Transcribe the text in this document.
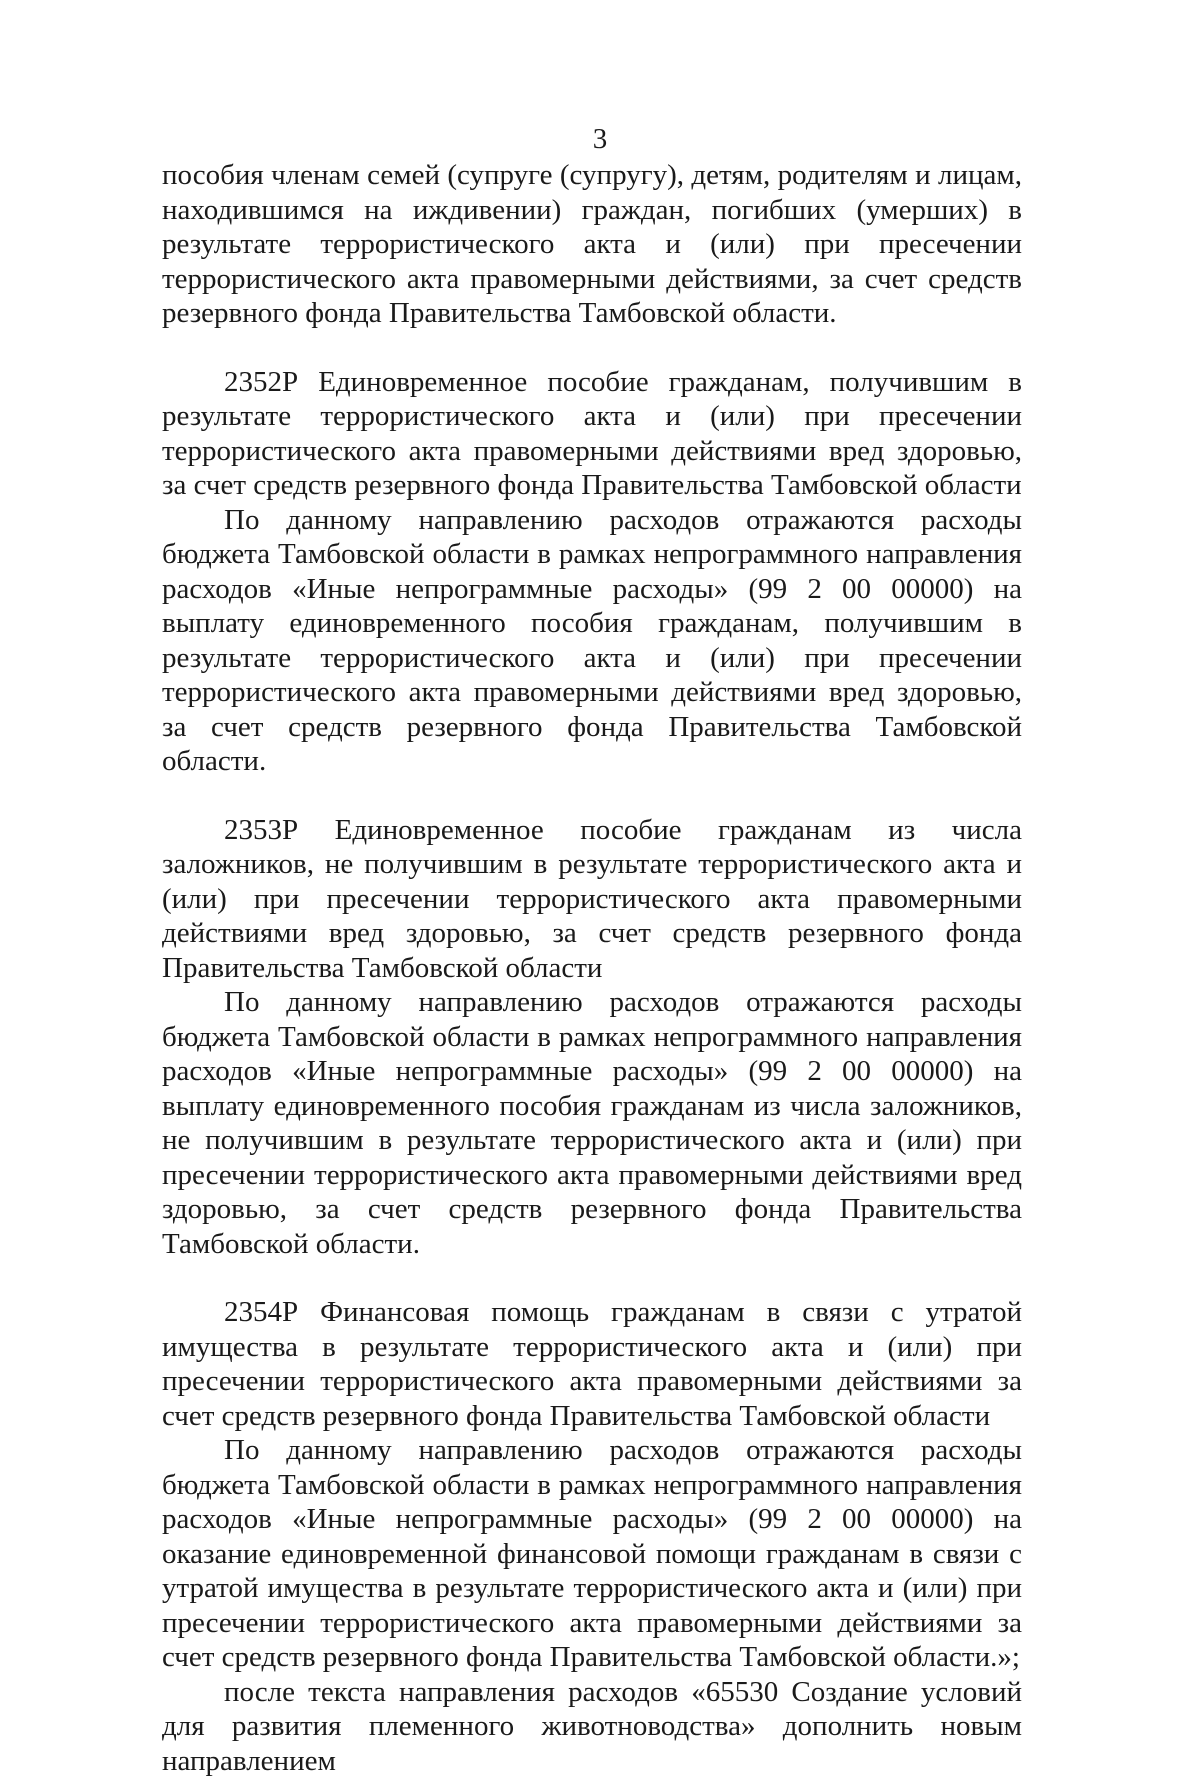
3

пособия членам семей (супруге (супругу), детям, родителям и лицам, находившимся на иждивении) граждан, погибших (умерших) в результате террористического акта и (или) при пресечении террористического акта правомерными действиями, за счет средств резервного фонда Правительства Тамбовской области.

2352Р Единовременное пособие гражданам, получившим в результате террористического акта и (или) при пресечении террористического акта правомерными действиями вред здоровью, за счет средств резервного фонда Правительства Тамбовской области

По данному направлению расходов отражаются расходы бюджета Тамбовской области в рамках непрограммного направления расходов «Иные непрограммные расходы» (99 2 00 00000) на выплату единовременного пособия гражданам, получившим в результате террористического акта и (или) при пресечении террористического акта правомерными действиями вред здоровью, за счет средств резервного фонда Правительства Тамбовской области.

2353Р Единовременное пособие гражданам из числа заложников, не получившим в результате террористического акта и (или) при пресечении террористического акта правомерными действиями вред здоровью, за счет средств резервного фонда Правительства Тамбовской области

По данному направлению расходов отражаются расходы бюджета Тамбовской области в рамках непрограммного направления расходов «Иные непрограммные расходы» (99 2 00 00000) на выплату единовременного пособия гражданам из числа заложников, не получившим в результате террористического акта и (или) при пресечении террористического акта правомерными действиями вред здоровью, за счет средств резервного фонда Правительства Тамбовской области.

2354Р Финансовая помощь гражданам в связи с утратой имущества в результате террористического акта и (или) при пресечении террористического акта правомерными действиями за счет средств резервного фонда Правительства Тамбовской области

По данному направлению расходов отражаются расходы бюджета Тамбовской области в рамках непрограммного направления расходов «Иные непрограммные расходы» (99 2 00 00000) на оказание единовременной финансовой помощи гражданам в связи с утратой имущества в результате террористического акта и (или) при пресечении террористического акта правомерными действиями за счет средств резервного фонда Правительства Тамбовской области.»;

после текста направления расходов «65530 Создание условий для развития племенного животноводства» дополнить новым направлением
